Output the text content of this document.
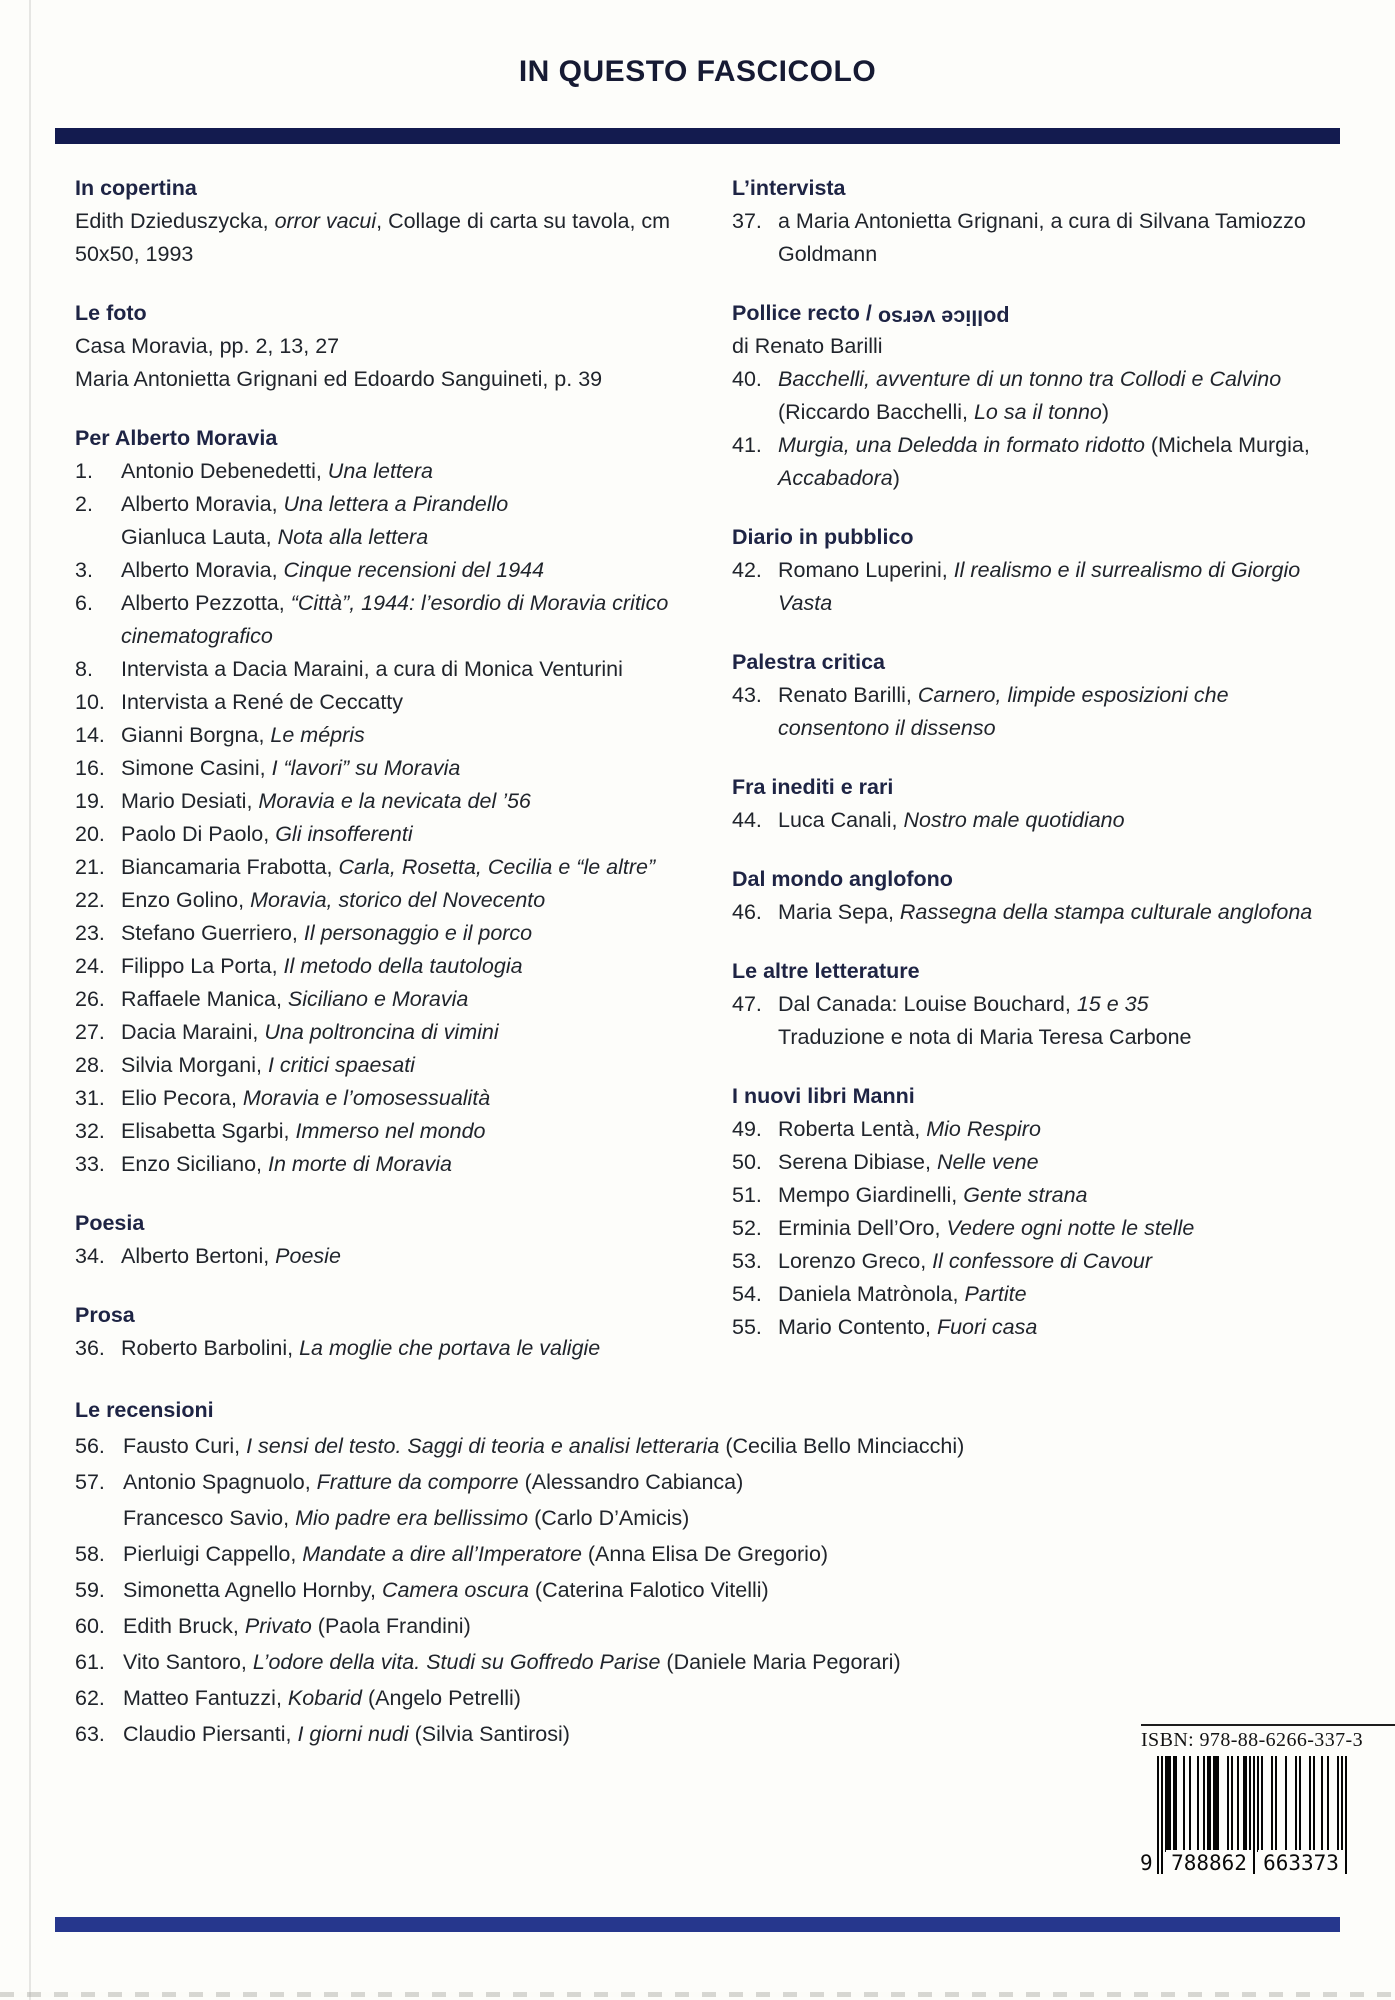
IN QUESTO FASCICOLO
In copertina
Edith Dzieduszycka, orror vacui, Collage di carta su tavola, cm 50x50, 1993
Le foto
Casa Moravia, pp. 2, 13, 27
Maria Antonietta Grignani ed Edoardo Sanguineti, p. 39
Per Alberto Moravia
1.	Antonio Debenedetti, Una lettera
2.	Alberto Moravia, Una lettera a Pirandello
Gianluca Lauta, Nota alla lettera
3.	Alberto Moravia, Cinque recensioni del 1944
6.	Alberto Pezzotta, “Città”, 1944: l’esordio di Moravia critico cinematografico
8.	Intervista a Dacia Maraini, a cura di Monica Venturini
10. Intervista a René de Ceccatty
14. Gianni Borgna, Le mépris
16. Simone Casini, I “lavori” su Moravia
19. Mario Desiati, Moravia e la nevicata del ’56
20. Paolo Di Paolo, Gli insofferenti
21. Biancamaria Frabotta, Carla, Rosetta, Cecilia e “le altre”
22. Enzo Golino, Moravia, storico del Novecento
23. Stefano Guerriero, Il personaggio e il porco
24. Filippo La Porta, Il metodo della tautologia
26. Raffaele Manica, Siciliano e Moravia
27. Dacia Maraini, Una poltroncina di vimini
28. Silvia Morgani, I critici spaesati
31. Elio Pecora, Moravia e l’omosessualità
32. Elisabetta Sgarbi, Immerso nel mondo
33. Enzo Siciliano, In morte di Moravia
Poesia
34. Alberto Bertoni, Poesie
Prosa
36. Roberto Barbolini, La moglie che portava le valigie
L’intervista
37. a Maria Antonietta Grignani, a cura di Silvana Tamiozzo Goldmann
Pollice recto / pollice verso
di Renato Barilli
40. Bacchelli, avventure di un tonno tra Collodi e Calvino (Riccardo Bacchelli, Lo sa il tonno)
41. Murgia, una Deledda in formato ridotto (Michela Murgia, Accabadora)
Diario in pubblico
42. Romano Luperini, Il realismo e il surrealismo di Giorgio Vasta
Palestra critica
43. Renato Barilli, Carnero, limpide esposizioni che consentono il dissenso
Fra inediti e rari
44. Luca Canali, Nostro male quotidiano
Dal mondo anglofono
46. Maria Sepa, Rassegna della stampa culturale anglofona
Le altre letterature
47. Dal Canada: Louise Bouchard, 15 e 35
Traduzione e nota di Maria Teresa Carbone
I nuovi libri Manni
49. Roberta Lentà, Mio Respiro
50. Serena Dibiase, Nelle vene
51. Mempo Giardinelli, Gente strana
52. Erminia Dell’Oro, Vedere ogni notte le stelle
53. Lorenzo Greco, Il confessore di Cavour
54. Daniela Matrònola, Partite
55. Mario Contento, Fuori casa
Le recensioni
56. Fausto Curi, I sensi del testo. Saggi di teoria e analisi letteraria (Cecilia Bello Minciacchi)
57. Antonio Spagnuolo, Fratture da comporre (Alessandro Cabianca)
Francesco Savio, Mio padre era bellissimo (Carlo D’Amicis)
58. Pierluigi Cappello, Mandate a dire all’Imperatore (Anna Elisa De Gregorio)
59. Simonetta Agnello Hornby, Camera oscura (Caterina Falotico Vitelli)
60. Edith Bruck, Privato (Paola Frandini)
61. Vito Santoro, L’odore della vita. Studi su Goffredo Parise (Daniele Maria Pegorari)
62. Matteo Fantuzzi, Kobarid (Angelo Petrelli)
63. Claudio Piersanti, I giorni nudi (Silvia Santirosi)	ISBN: 978-88-6266-337-3
9 788862 663373
